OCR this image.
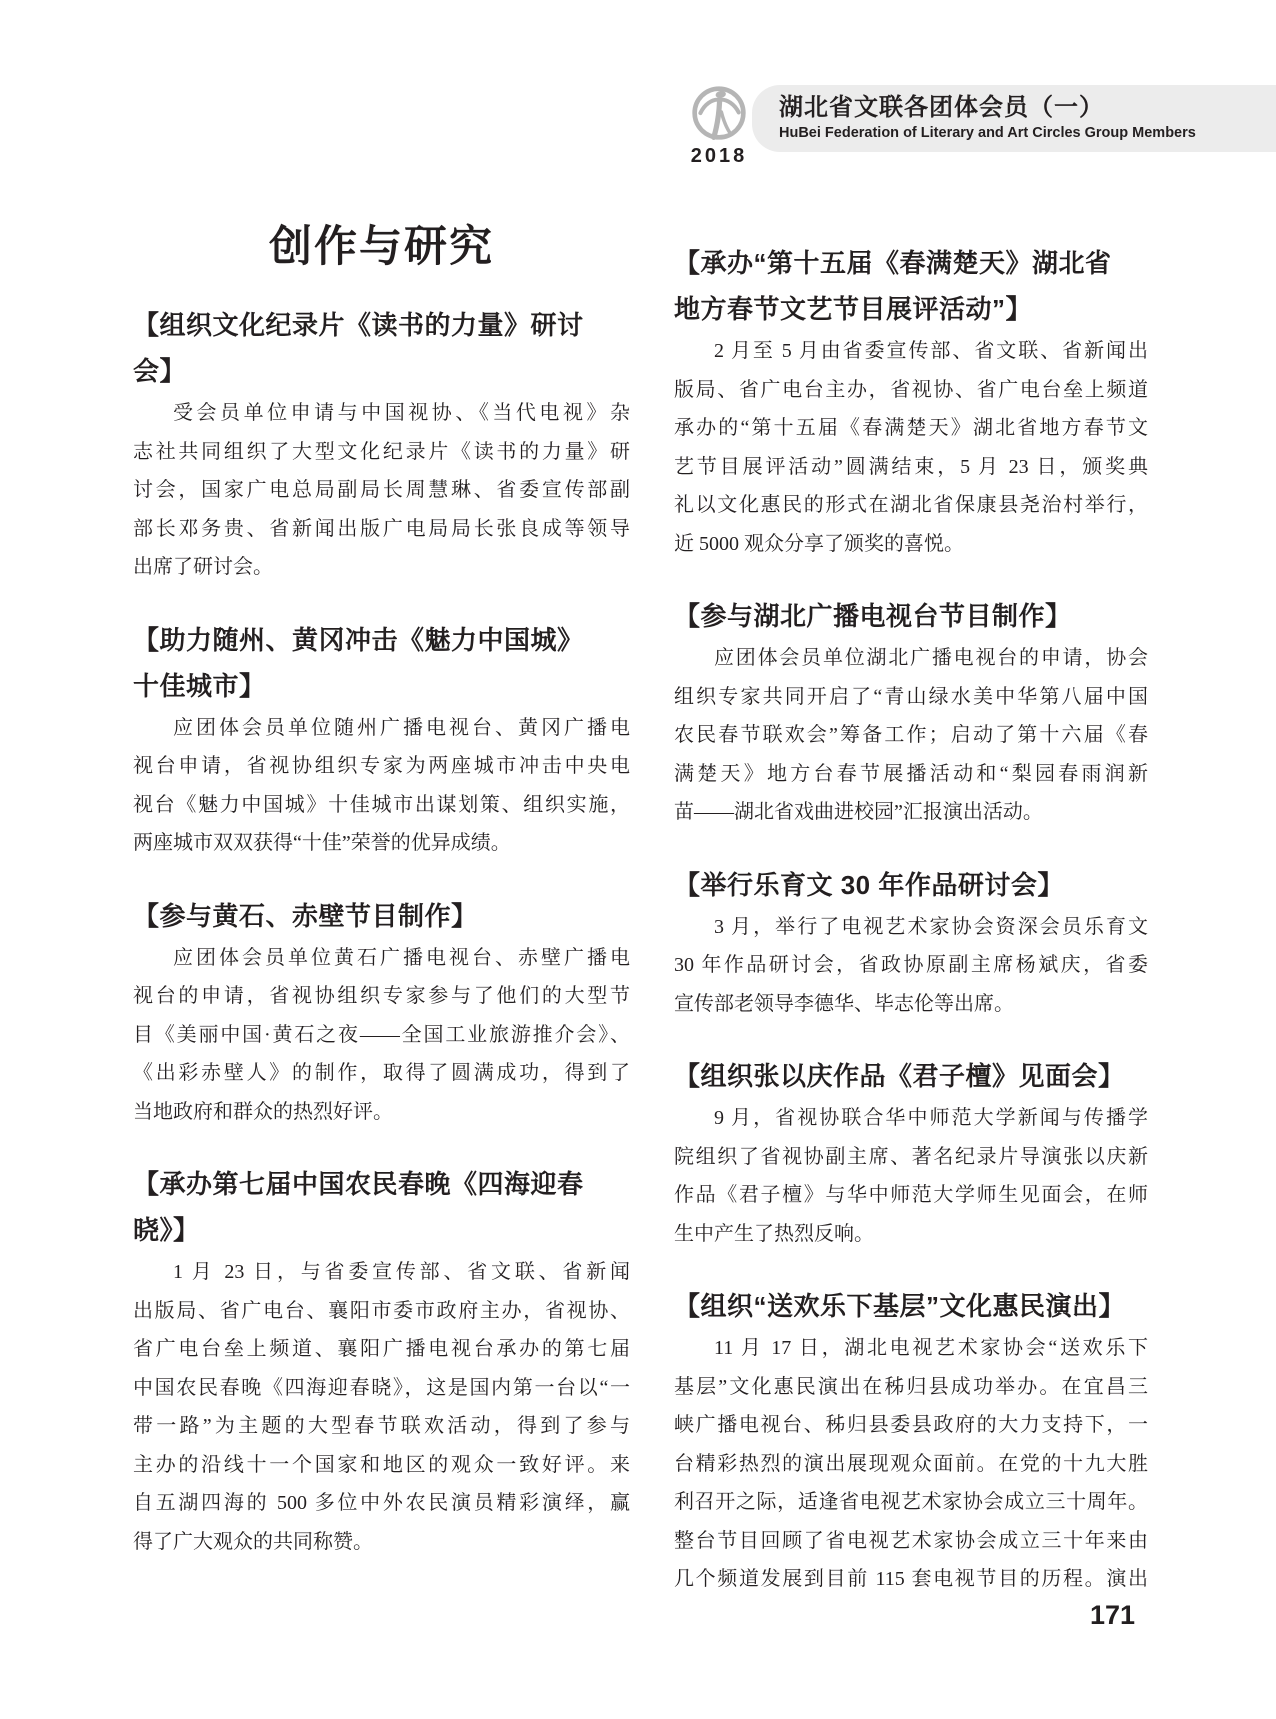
2018
湖北省文联各团体会员（一）
HuBei Federation of Literary and Art Circles Group Members
创作与研究
【组织文化纪录片《读书的力量》研讨
会】
受会员单位申请与中国视协、《当代电视》杂
志社共同组织了大型文化纪录片《读书的力量》研
讨会，国家广电总局副局长周慧琳、省委宣传部副
部长邓务贵、省新闻出版广电局局长张良成等领导
出席了研讨会。
【助力随州、黄冈冲击《魅力中国城》
十佳城市】
应团体会员单位随州广播电视台、黄冈广播电
视台申请，省视协组织专家为两座城市冲击中央电
视台《魅力中国城》十佳城市出谋划策、组织实施，
两座城市双双获得“十佳”荣誉的优异成绩。
【参与黄石、赤壁节目制作】
应团体会员单位黄石广播电视台、赤壁广播电
视台的申请，省视协组织专家参与了他们的大型节
目《美丽中国·黄石之夜——全国工业旅游推介会》、
《出彩赤壁人》的制作，取得了圆满成功，得到了
当地政府和群众的热烈好评。
【承办第七届中国农民春晚《四海迎春
晓》】
1 月 23 日，与省委宣传部、省文联、省新闻
出版局、省广电台、襄阳市委市政府主办，省视协、
省广电台垒上频道、襄阳广播电视台承办的第七届
中国农民春晚《四海迎春晓》，这是国内第一台以“一
带一路”为主题的大型春节联欢活动，得到了参与
主办的沿线十一个国家和地区的观众一致好评。来
自五湖四海的 500 多位中外农民演员精彩演绎，赢
得了广大观众的共同称赞。
【承办“第十五届《春满楚天》湖北省
地方春节文艺节目展评活动”】
2 月至 5 月由省委宣传部、省文联、省新闻出
版局、省广电台主办，省视协、省广电台垒上频道
承办的“第十五届《春满楚天》湖北省地方春节文
艺节目展评活动”圆满结束，5 月 23 日，颁奖典
礼以文化惠民的形式在湖北省保康县尧治村举行，
近 5000 观众分享了颁奖的喜悦。
【参与湖北广播电视台节目制作】
应团体会员单位湖北广播电视台的申请，协会
组织专家共同开启了“青山绿水美中华第八届中国
农民春节联欢会”筹备工作；启动了第十六届《春
满楚天》地方台春节展播活动和“梨园春雨润新
苗——湖北省戏曲进校园”汇报演出活动。
【举行乐育文 30 年作品研讨会】
3 月，举行了电视艺术家协会资深会员乐育文
30 年作品研讨会，省政协原副主席杨斌庆，省委
宣传部老领导李德华、毕志伦等出席。
【组织张以庆作品《君子檀》见面会】
9 月，省视协联合华中师范大学新闻与传播学
院组织了省视协副主席、著名纪录片导演张以庆新
作品《君子檀》与华中师范大学师生见面会，在师
生中产生了热烈反响。
【组织“送欢乐下基层”文化惠民演出】
11 月 17 日，湖北电视艺术家协会“送欢乐下
基层”文化惠民演出在秭归县成功举办。在宜昌三
峡广播电视台、秭归县委县政府的大力支持下，一
台精彩热烈的演出展现观众面前。在党的十九大胜
利召开之际，适逢省电视艺术家协会成立三十周年。
整台节目回顾了省电视艺术家协会成立三十年来由
几个频道发展到目前 115 套电视节目的历程。演出
171
